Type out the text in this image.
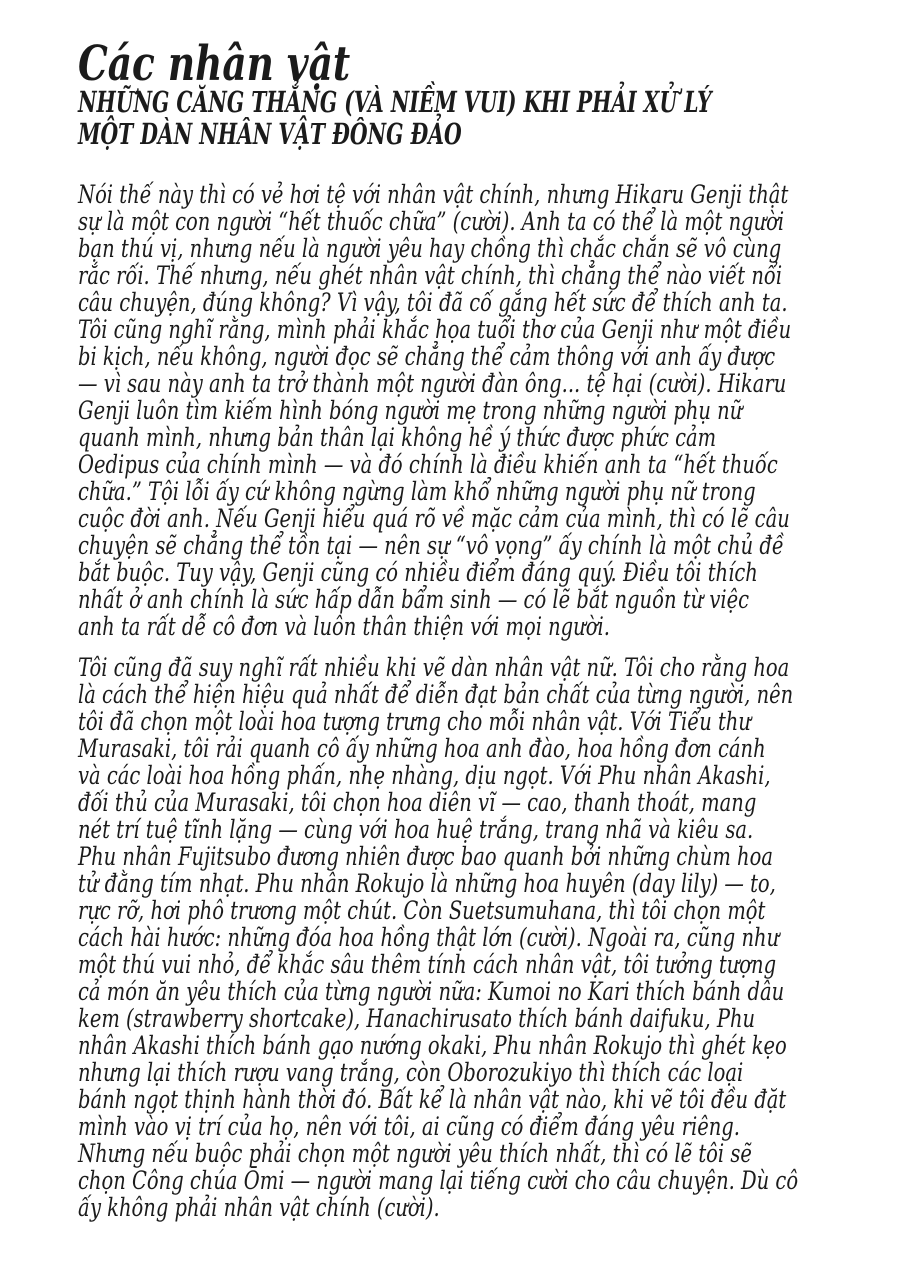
Các nhân vật
NHỮNG CĂNG THẲNG (VÀ NIỀM VUI) KHI PHẢI XỬ LÝ
MỘT DÀN NHÂN VẬT ĐÔNG ĐẢO

Nói thế này thì có vẻ hơi tệ với nhân vật chính, nhưng Hikaru Genji thật
sự là một con người “hết thuốc chữa” (cười). Anh ta có thể là một người
bạn thú vị, nhưng nếu là người yêu hay chồng thì chắc chắn sẽ vô cùng
rắc rối. Thế nhưng, nếu ghét nhân vật chính, thì chẳng thể nào viết nổi
câu chuyện, đúng không? Vì vậy, tôi đã cố gắng hết sức để thích anh ta.
Tôi cũng nghĩ rằng, mình phải khắc họa tuổi thơ của Genji như một điều
bi kịch, nếu không, người đọc sẽ chẳng thể cảm thông với anh ấy được
— vì sau này anh ta trở thành một người đàn ông... tệ hại (cười). Hikaru
Genji luôn tìm kiếm hình bóng người mẹ trong những người phụ nữ
quanh mình, nhưng bản thân lại không hề ý thức được phức cảm
Oedipus của chính mình — và đó chính là điều khiến anh ta “hết thuốc
chữa.” Tội lỗi ấy cứ không ngừng làm khổ những người phụ nữ trong
cuộc đời anh. Nếu Genji hiểu quá rõ về mặc cảm của mình, thì có lẽ câu
chuyện sẽ chẳng thể tồn tại — nên sự “vô vọng” ấy chính là một chủ đề
bắt buộc. Tuy vậy, Genji cũng có nhiều điểm đáng quý. Điều tôi thích
nhất ở anh chính là sức hấp dẫn bẩm sinh — có lẽ bắt nguồn từ việc
anh ta rất dễ cô đơn và luôn thân thiện với mọi người.

Tôi cũng đã suy nghĩ rất nhiều khi vẽ dàn nhân vật nữ. Tôi cho rằng hoa
là cách thể hiện hiệu quả nhất để diễn đạt bản chất của từng người, nên
tôi đã chọn một loài hoa tượng trưng cho mỗi nhân vật. Với Tiểu thư
Murasaki, tôi rải quanh cô ấy những hoa anh đào, hoa hồng đơn cánh
và các loài hoa hồng phấn, nhẹ nhàng, dịu ngọt. Với Phu nhân Akashi,
đối thủ của Murasaki, tôi chọn hoa diên vĩ — cao, thanh thoát, mang
nét trí tuệ tĩnh lặng — cùng với hoa huệ trắng, trang nhã và kiêu sa.
Phu nhân Fujitsubo đương nhiên được bao quanh bởi những chùm hoa
tử đằng tím nhạt. Phu nhân Rokujo là những hoa huyên (day lily) — to,
rực rỡ, hơi phô trương một chút. Còn Suetsumuhana, thì tôi chọn một
cách hài hước: những đóa hoa hồng thật lớn (cười). Ngoài ra, cũng như
một thú vui nhỏ, để khắc sâu thêm tính cách nhân vật, tôi tưởng tượng
cả món ăn yêu thích của từng người nữa: Kumoi no Kari thích bánh dâu
kem (strawberry shortcake), Hanachirusato thích bánh daifuku, Phu
nhân Akashi thích bánh gạo nướng okaki, Phu nhân Rokujo thì ghét kẹo
nhưng lại thích rượu vang trắng, còn Oborozukiyo thì thích các loại
bánh ngọt thịnh hành thời đó. Bất kể là nhân vật nào, khi vẽ tôi đều đặt
mình vào vị trí của họ, nên với tôi, ai cũng có điểm đáng yêu riêng.
Nhưng nếu buộc phải chọn một người yêu thích nhất, thì có lẽ tôi sẽ
chọn Công chúa Ōmi — người mang lại tiếng cười cho câu chuyện. Dù cô
ấy không phải nhân vật chính (cười).
